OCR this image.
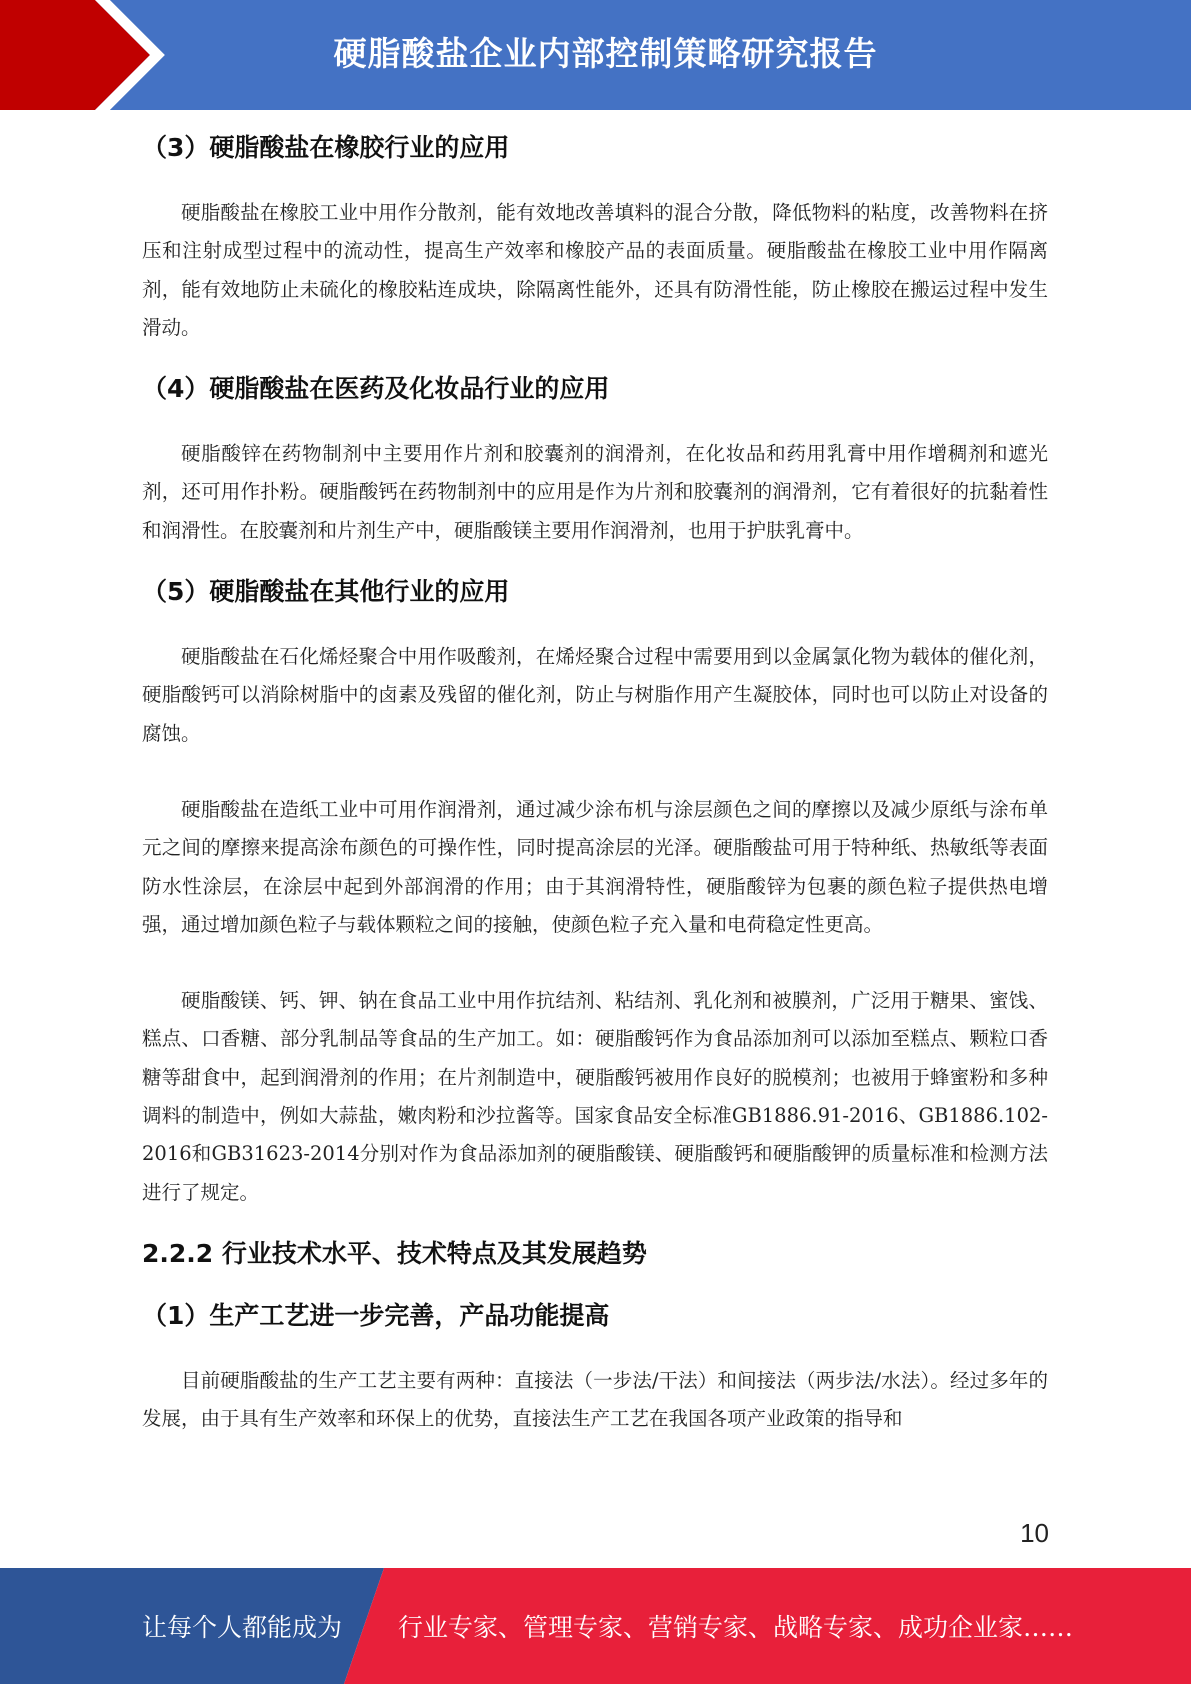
硬脂酸盐企业内部控制策略研究报告
（3）硬脂酸盐在橡胶行业的应用

硬脂酸盐在橡胶工业中用作分散剂，能有效地改善填料的混合分散，降低物料的粘度，改善物料在挤压和注射成型过程中的流动性，提高生产效率和橡胶产品的表面质量。硬脂酸盐在橡胶工业中用作隔离剂，能有效地防止未硫化的橡胶粘连成块，除隔离性能外，还具有防滑性能，防止橡胶在搬运过程中发生滑动。

（4）硬脂酸盐在医药及化妆品行业的应用

硬脂酸锌在药物制剂中主要用作片剂和胶囊剂的润滑剂，在化妆品和药用乳膏中用作增稠剂和遮光剂，还可用作扑粉。硬脂酸钙在药物制剂中的应用是作为片剂和胶囊剂的润滑剂，它有着很好的抗黏着性和润滑性。在胶囊剂和片剂生产中，硬脂酸镁主要用作润滑剂，也用于护肤乳膏中。

（5）硬脂酸盐在其他行业的应用

硬脂酸盐在石化烯烃聚合中用作吸酸剂，在烯烃聚合过程中需要用到以金属氯化物为载体的催化剂，硬脂酸钙可以消除树脂中的卤素及残留的催化剂，防止与树脂作用产生凝胶体，同时也可以防止对设备的腐蚀。

硬脂酸盐在造纸工业中可用作润滑剂，通过减少涂布机与涂层颜色之间的摩擦以及减少原纸与涂布单元之间的摩擦来提高涂布颜色的可操作性，同时提高涂层的光泽。硬脂酸盐可用于特种纸、热敏纸等表面防水性涂层，在涂层中起到外部润滑的作用；由于其润滑特性，硬脂酸锌为包裹的颜色粒子提供热电增强，通过增加颜色粒子与载体颗粒之间的接触，使颜色粒子充入量和电荷稳定性更高。

硬脂酸镁、钙、钾、钠在食品工业中用作抗结剂、粘结剂、乳化剂和被膜剂，广泛用于糖果、蜜饯、糕点、口香糖、部分乳制品等食品的生产加工。如：硬脂酸钙作为食品添加剂可以添加至糕点、颗粒口香糖等甜食中，起到润滑剂的作用；在片剂制造中，硬脂酸钙被用作良好的脱模剂；也被用于蜂蜜粉和多种调料的制造中，例如大蒜盐，嫩肉粉和沙拉酱等。国家食品安全标准GB1886.91-2016、GB1886.102-2016和GB31623-2014分别对作为食品添加剂的硬脂酸镁、硬脂酸钙和硬脂酸钾的质量标准和检测方法进行了规定。

2.2.2 行业技术水平、技术特点及其发展趋势
（1）生产工艺进一步完善，产品功能提高

目前硬脂酸盐的生产工艺主要有两种：直接法（一步法/干法）和间接法（两步法/水法）。经过多年的发展，由于具有生产效率和环保上的优势，直接法生产工艺在我国各项产业政策的指导和

10
让每个人都能成为 行业专家、管理专家、营销专家、战略专家、成功企业家……
